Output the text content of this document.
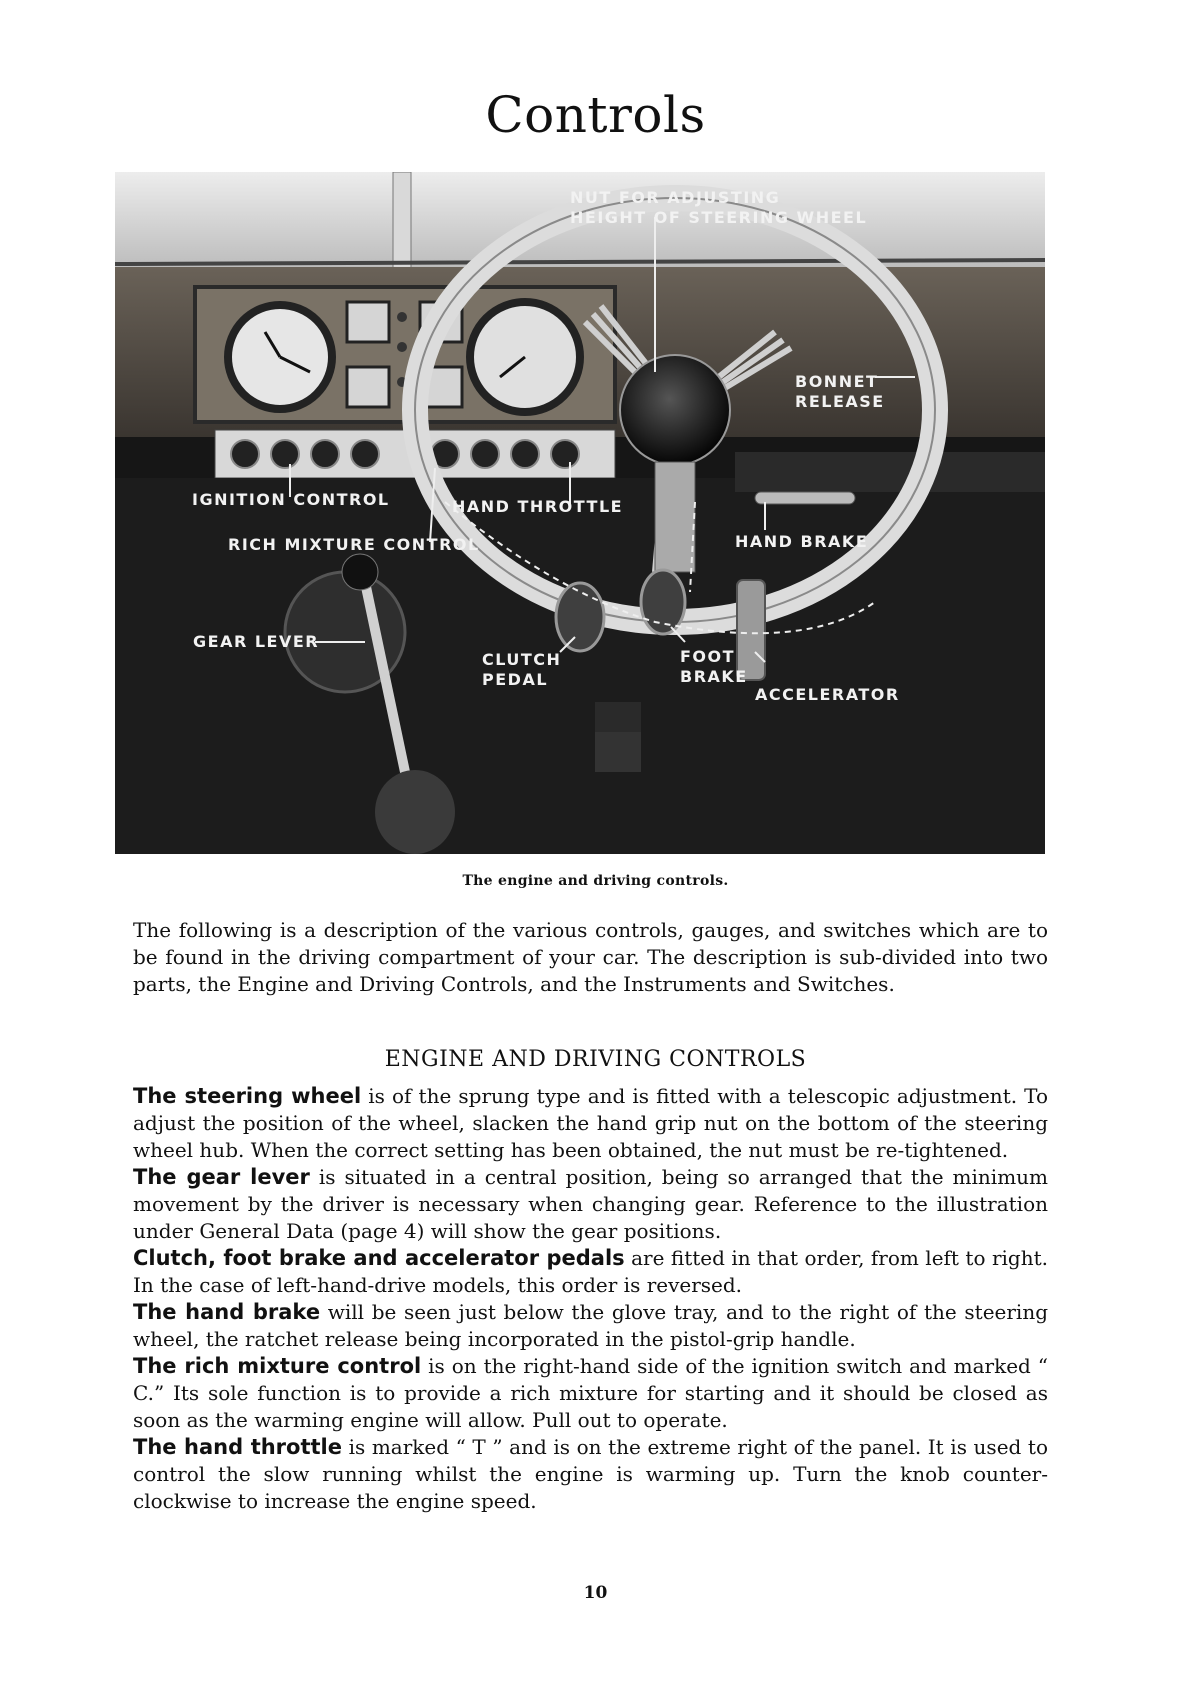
Controls
NUT FOR ADJUSTING
HEIGHT OF STEERING WHEEL
BONNET
RELEASE
IGNITION CONTROL	HAND THROTTLE
RICH MIXTURE CONTROL	HAND BRAKE
GEAR LEVER
CLUTCH
PEDAL
FOOT
BRAKE
ACCELERATOR
The engine and driving controls.
The following is a description of the various controls, gauges, and switches which are to be found in the driving compartment of your car. The description is sub-divided into two parts, the Engine and Driving Controls, and the Instruments and Switches.
ENGINE AND DRIVING CONTROLS

The steering wheel is of the sprung type and is fitted with a telescopic adjustment. To adjust the position of the wheel, slacken the hand grip nut on the bottom of the steering wheel hub. When the correct setting has been obtained, the nut must be re-tightened.

The gear lever is situated in a central position, being so arranged that the minimum movement by the driver is necessary when changing gear. Reference to the illustration under General Data (page 4) will show the gear positions.

Clutch, foot brake and accelerator pedals are fitted in that order, from left to right. In the case of left-hand-drive models, this order is reversed.

The hand brake will be seen just below the glove tray, and to the right of the steering wheel, the ratchet release being incorporated in the pistol-grip handle.

The rich mixture control is on the right-hand side of the ignition switch and marked “ C.” Its sole function is to provide a rich mixture for starting and it should be closed as soon as the warming engine will allow. Pull out to operate.

The hand throttle is marked “ T ” and is on the extreme right of the panel. It is used to control the slow running whilst the engine is warming up. Turn the knob counter-clockwise to increase the engine speed.

10
